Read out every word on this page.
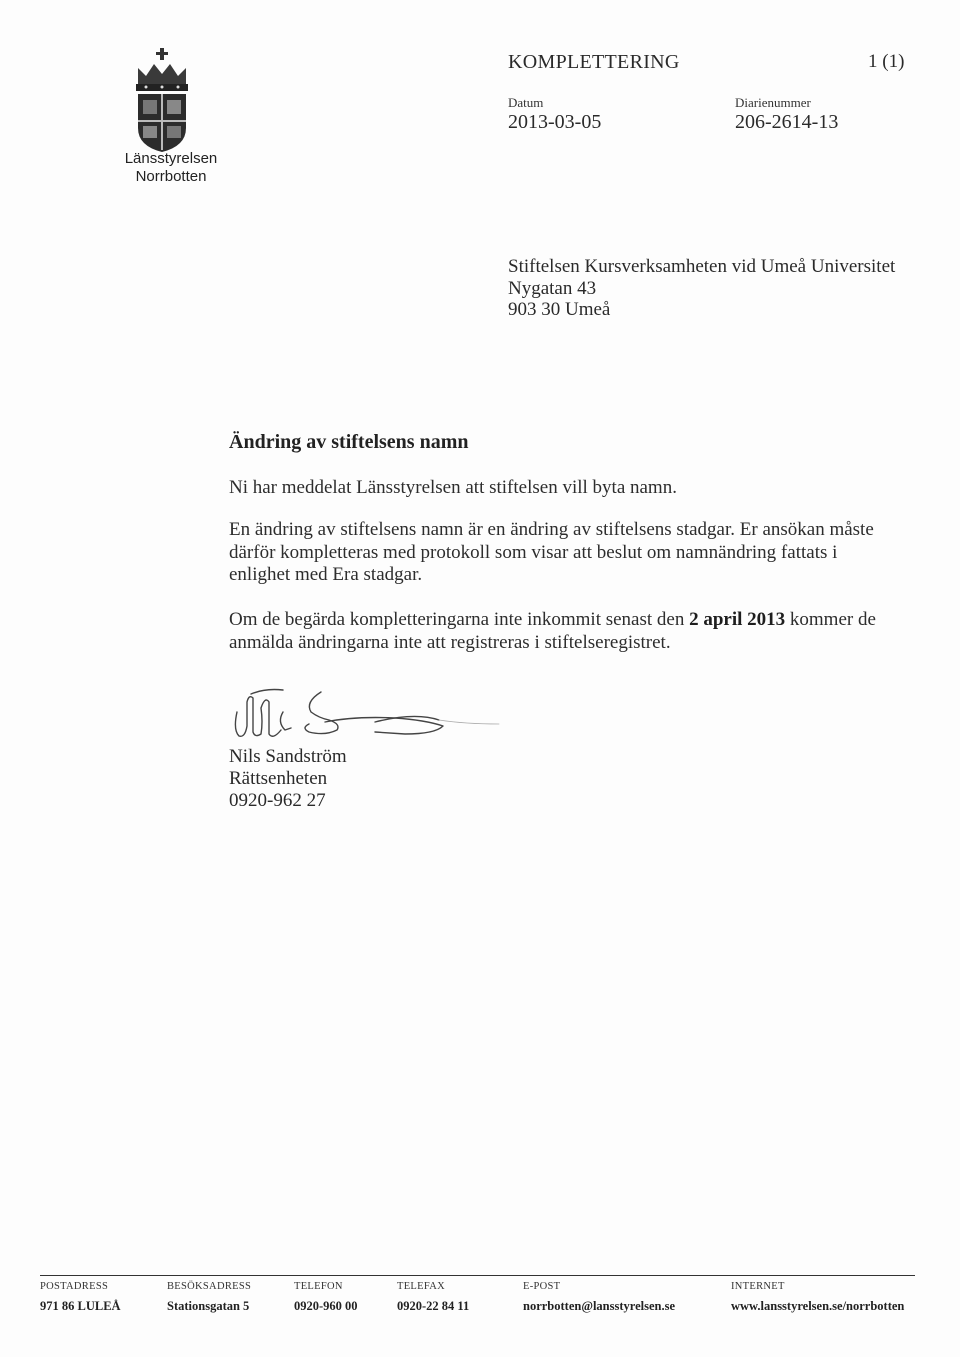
Länsstyrelsen
Norrbotten
KOMPLETTERING	1 (1)
Datum
2013-03-05
Diarienummer
206-2614-13
Stiftelsen Kursverksamheten vid Umeå Universitet
Nygatan 43
903 30 Umeå
Ändring av stiftelsens namn
Ni har meddelat Länsstyrelsen att stiftelsen vill byta namn.
En ändring av stiftelsens namn är en ändring av stiftelsens stadgar. Er ansökan måste därför kompletteras med protokoll som visar att beslut om namnändring fattats i enlighet med Era stadgar.
Om de begärda kompletteringarna inte inkommit senast den 2 april 2013 kommer de anmälda ändringarna inte att registreras i stiftelseregistret.
Nils Sandström
Rättsenheten
0920-962 27
POSTADRESS
971 86 LULEÅ
BESÖKSADRESS
Stationsgatan 5
TELEFON
0920-960 00
TELEFAX
0920-22 84 11
E-POST
norrbotten@lansstyrelsen.se
INTERNET
www.lansstyrelsen.se/norrbotten
